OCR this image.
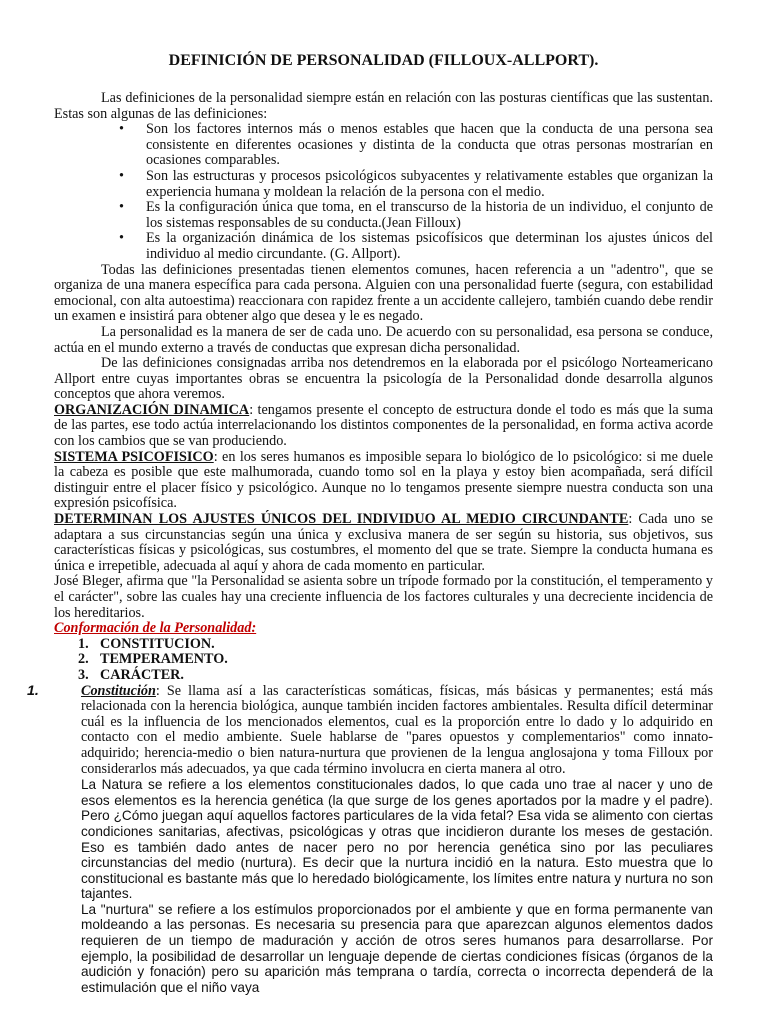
DEFINICIÓN DE PERSONALIDAD (FILLOUX-ALLPORT).

Las definiciones de la personalidad siempre están en relación con las posturas científicas que las sustentan. Estas son algunas de las definiciones:

• Son los factores internos más o menos estables que hacen que la conducta de una persona sea consistente en diferentes ocasiones y distinta de la conducta que otras personas mostrarían en ocasiones comparables.
• Son las estructuras y procesos psicológicos subyacentes y relativamente estables que organizan la experiencia humana y moldean la relación de la persona con el medio.
• Es la configuración única que toma, en el transcurso de la historia de un individuo, el conjunto de los sistemas responsables de su conducta.(Jean Filloux)
• Es la organización dinámica de los sistemas psicofísicos que determinan los ajustes únicos del individuo al medio circundante. (G. Allport).

Todas las definiciones presentadas tienen elementos comunes, hacen referencia a un "adentro", que se organiza de una manera específica para cada persona. Alguien con una personalidad fuerte (segura, con estabilidad emocional, con alta autoestima) reaccionara con rapidez frente a un accidente callejero, también cuando debe rendir un examen e insistirá para obtener algo que desea y le es negado.

La personalidad es la manera de ser de cada uno. De acuerdo con su personalidad, esa persona se conduce, actúa en el mundo externo a través de conductas que expresan dicha personalidad.

De las definiciones consignadas arriba nos detendremos en la elaborada por el psicólogo Norteamericano Allport entre cuyas importantes obras se encuentra la psicología de la Personalidad donde desarrolla algunos conceptos que ahora veremos.

ORGANIZACIÓN DINAMICA: tengamos presente el concepto de estructura donde el todo es más que la suma de las partes, ese todo actúa interrelacionando los distintos componentes de la personalidad, en forma activa acorde con los cambios que se van produciendo.

SISTEMA PSICOFISICO: en los seres humanos es imposible separa lo biológico de lo psicológico: si me duele la cabeza es posible que este malhumorada, cuando tomo sol en la playa y estoy bien acompañada, será difícil distinguir entre el placer físico y psicológico. Aunque no lo tengamos presente siempre nuestra conducta son una expresión psicofísica.

DETERMINAN LOS AJUSTES ÚNICOS DEL INDIVIDUO AL MEDIO CIRCUNDANTE: Cada uno se adaptara a sus circunstancias según una única y exclusiva manera de ser según su historia, sus objetivos, sus características físicas y psicológicas, sus costumbres, el momento del que se trate. Siempre la conducta humana es única e irrepetible, adecuada al aquí y ahora de cada momento en particular.

José Bleger, afirma que "la Personalidad se asienta sobre un trípode formado por la constitución, el temperamento y el carácter", sobre las cuales hay una creciente influencia de los factores culturales y una decreciente incidencia de los hereditarios.

Conformación de la Personalidad:

1. CONSTITUCION.
2. TEMPERAMENTO.
3. CARÁCTER.

1.	Constitución: Se llama así a las características somáticas, físicas, más básicas y permanentes; está más relacionada con la herencia biológica, aunque también inciden factores ambientales. Resulta difícil determinar cuál es la influencia de los mencionados elementos, cual es la proporción entre lo dado y lo adquirido en contacto con el medio ambiente. Suele hablarse de "pares opuestos y complementarios" como innato-adquirido; herencia-medio o bien natura-nurtura que provienen de la lengua anglosajona y toma Filloux por considerarlos más adecuados, ya que cada término involucra en cierta manera al otro.

La Natura se refiere a los elementos constitucionales dados, lo que cada uno trae al nacer y uno de esos elementos es la herencia genética (la que surge de los genes aportados por la madre y el padre). Pero ¿Cómo juegan aquí aquellos factores particulares de la vida fetal? Esa vida se alimento con ciertas condiciones sanitarias, afectivas, psicológicas y otras que incidieron durante los meses de gestación. Eso es también dado antes de nacer pero no por herencia genética sino por las peculiares circunstancias del medio (nurtura). Es decir que la nurtura incidió en la natura. Esto muestra que lo constitucional es bastante más que lo heredado biológicamente, los límites entre natura y nurtura no son tajantes.

La "nurtura" se refiere a los estímulos proporcionados por el ambiente y que en forma permanente van moldeando a las personas. Es necesaria su presencia para que aparezcan algunos elementos dados requieren de un tiempo de maduración y acción de otros seres humanos para desarrollarse. Por ejemplo, la posibilidad de desarrollar un lenguaje depende de ciertas condiciones físicas (órganos de la audición y fonación) pero su aparición más temprana o tardía, correcta o incorrecta dependerá de la estimulación que el niño vaya
